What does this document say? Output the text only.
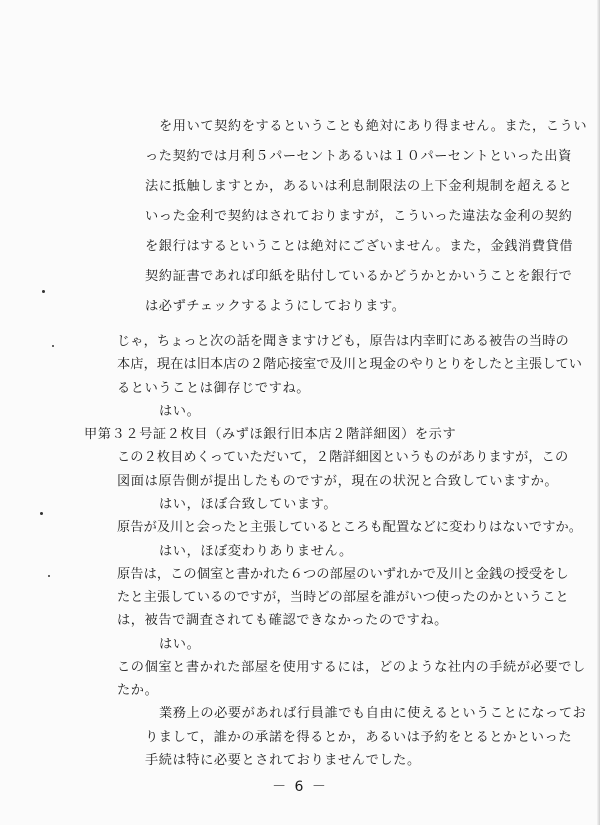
を用いて契約をするということも絶対にあり得ません。また，こうい
った契約では月利５パーセントあるいは１０パーセントといった出資
法に抵触しますとか，あるいは利息制限法の上下金利規制を超えると
いった金利で契約はされておりますが，こういった違法な金利の契約
を銀行はするということは絶対にございません。また，金銭消費貸借
契約証書であれば印紙を貼付しているかどうかとかいうことを銀行で
は必ずチェックするようにしております。
じゃ，ちょっと次の話を聞きますけども，原告は内幸町にある被告の当時の
本店，現在は旧本店の２階応接室で及川と現金のやりとりをしたと主張してい
るということは御存じですね。
はい。
甲第３２号証２枚目（みずほ銀行旧本店２階詳細図）を示す
この２枚目めくっていただいて，２階詳細図というものがありますが，この
図面は原告側が提出したものですが，現在の状況と合致していますか。
はい，ほぼ合致しています。
原告が及川と会ったと主張しているところも配置などに変わりはないですか。
はい，ほぼ変わりありません。
原告は，この個室と書かれた６つの部屋のいずれかで及川と金銭の授受をし
たと主張しているのですが，当時どの部屋を誰がいつ使ったのかということ
は，被告で調査されても確認できなかったのですね。
－ 6 －
はい。
この個室と書かれた部屋を使用するには，どのような社内の手続が必要でし
たか。
業務上の必要があれば行員誰でも自由に使えるということになってお
りまして，誰かの承諾を得るとか，あるいは予約をとるとかといった
手続は特に必要とされておりませんでした。
